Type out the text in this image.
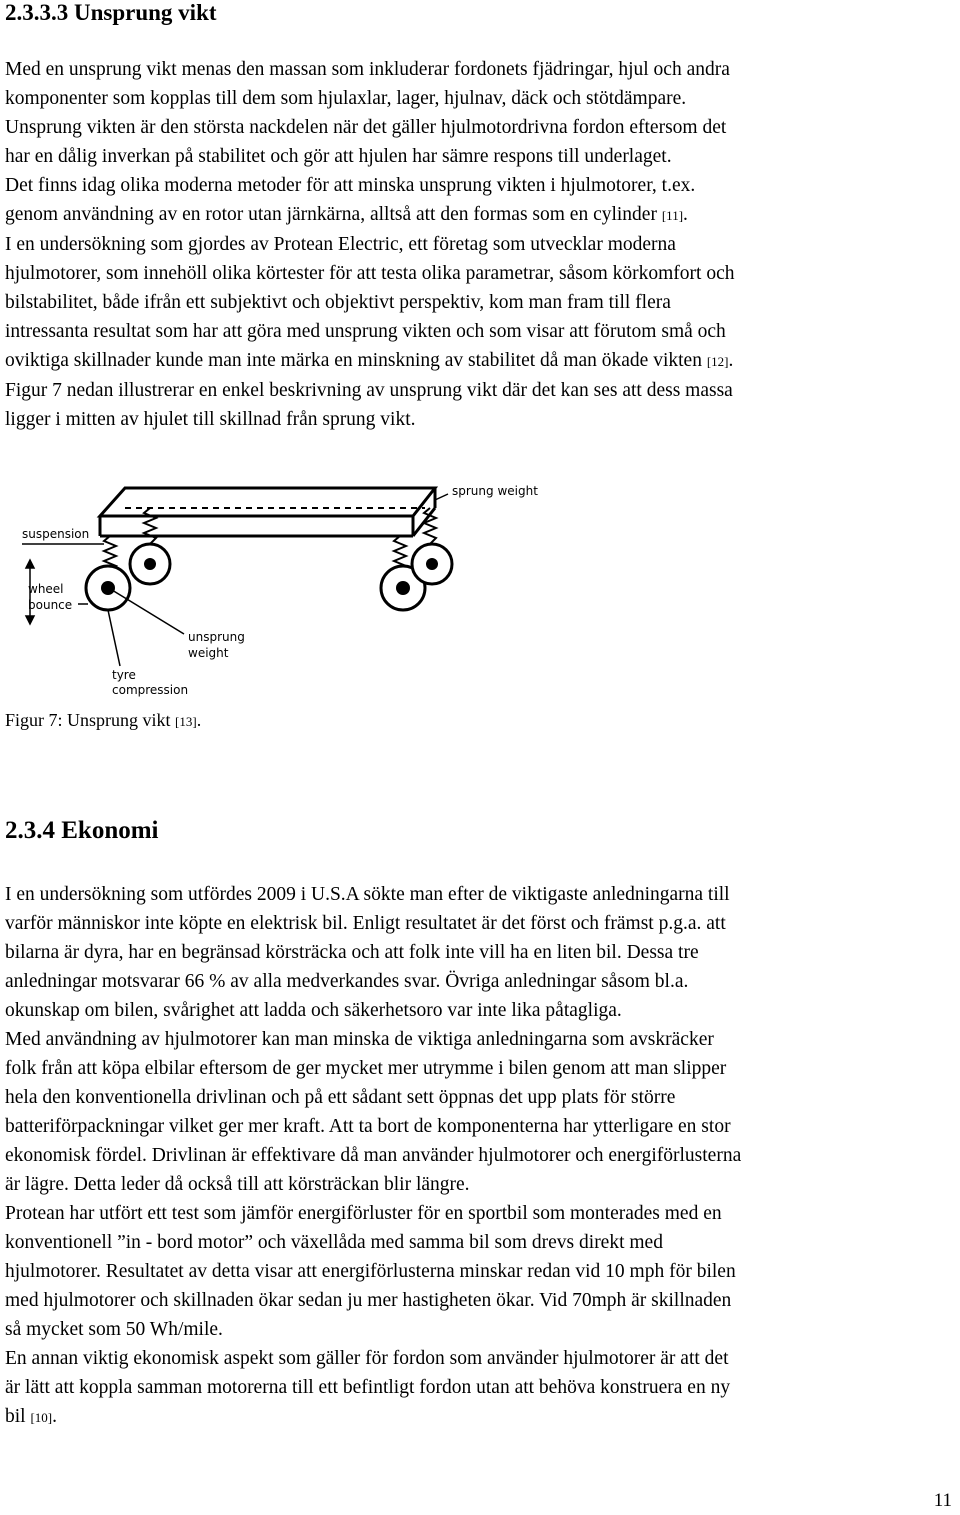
2.3.3.3 Unsprung vikt

Med en unsprung vikt menas den massan som inkluderar fordonets fjädringar, hjul och andra
komponenter som kopplas till dem som hjulaxlar, lager, hjulnav, däck och stötdämpare.
Unsprung vikten är den största nackdelen när det gäller hjulmotordrivna fordon eftersom det
har en dålig inverkan på stabilitet och gör att hjulen har sämre respons till underlaget.
Det finns idag olika moderna metoder för att minska unsprung vikten i hjulmotorer, t.ex.
genom användning av en rotor utan järnkärna, alltså att den formas som en cylinder [11].
I en undersökning som gjordes av Protean Electric, ett företag som utvecklar moderna
hjulmotorer, som innehöll olika körtester för att testa olika parametrar, såsom körkomfort och
bilstabilitet, både ifrån ett subjektivt och objektivt perspektiv, kom man fram till flera
intressanta resultat som har att göra med unsprung vikten och som visar att förutom små och
oviktiga skillnader kunde man inte märka en minskning av stabilitet då man ökade vikten [12].
Figur 7 nedan illustrerar en enkel beskrivning av unsprung vikt där det kan ses att dess massa
ligger i mitten av hjulet till skillnad från sprung vikt.

sprung weight
suspension
wheel
bounce
unsprung
weight
tyre
compression
Figur 7: Unsprung vikt [13].
2.3.4 Ekonomi

I en undersökning som utfördes 2009 i U.S.A sökte man efter de viktigaste anledningarna till
varför människor inte köpte en elektrisk bil. Enligt resultatet är det först och främst p.g.a. att
bilarna är dyra, har en begränsad körsträcka och att folk inte vill ha en liten bil. Dessa tre
anledningar motsvarar 66 % av alla medverkandes svar. Övriga anledningar såsom bl.a.
okunskap om bilen, svårighet att ladda och säkerhetsoro var inte lika påtagliga.
Med användning av hjulmotorer kan man minska de viktiga anledningarna som avskräcker
folk från att köpa elbilar eftersom de ger mycket mer utrymme i bilen genom att man slipper
hela den konventionella drivlinan och på ett sådant sett öppnas det upp plats för större
batteriförpackningar vilket ger mer kraft. Att ta bort de komponenterna har ytterligare en stor
ekonomisk fördel. Drivlinan är effektivare då man använder hjulmotorer och energiförlusterna
är lägre. Detta leder då också till att körsträckan blir längre.
Protean har utfört ett test som jämför energiförluster för en sportbil som monterades med en
konventionell ”in - bord motor” och växellåda med samma bil som drevs direkt med
hjulmotorer. Resultatet av detta visar att energiförlusterna minskar redan vid 10 mph för bilen
med hjulmotorer och skillnaden ökar sedan ju mer hastigheten ökar. Vid 70mph är skillnaden
så mycket som 50 Wh/mile.
En annan viktig ekonomisk aspekt som gäller för fordon som använder hjulmotorer är att det
är lätt att koppla samman motorerna till ett befintligt fordon utan att behöva konstruera en ny
bil [10].

11
